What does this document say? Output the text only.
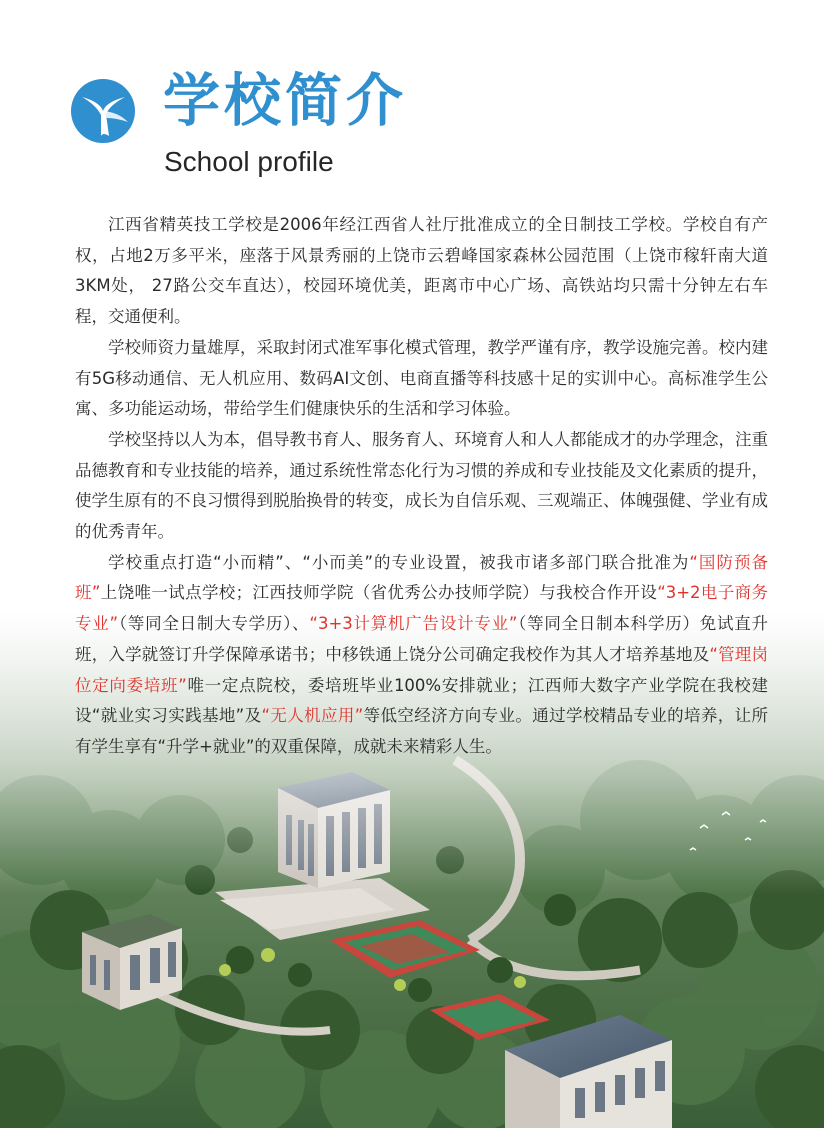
学校简介
School profile

江西省精英技工学校是2006年经江西省人社厅批准成立的全日制技工学校。学校自有产权，占地2万多平米，座落于风景秀丽的上饶市云碧峰国家森林公园范围（上饶市稼轩南大道3KM处， 27路公交车直达），校园环境优美，距离市中心广场、高铁站均只需十分钟左右车程，交通便利。

学校师资力量雄厚，采取封闭式准军事化模式管理，教学严谨有序，教学设施完善。校内建有5G移动通信、无人机应用、数码AI文创、电商直播等科技感十足的实训中心。高标准学生公寓、多功能运动场，带给学生们健康快乐的生活和学习体验。

学校坚持以人为本，倡导教书育人、服务育人、环境育人和人人都能成才的办学理念，注重品德教育和专业技能的培养，通过系统性常态化行为习惯的养成和专业技能及文化素质的提升，使学生原有的不良习惯得到脱胎换骨的转变，成长为自信乐观、三观端正、体魄强健、学业有成的优秀青年。

学校重点打造“小而精”、“小而美”的专业设置，被我市诸多部门联合批准为“国防预备班”上饶唯一试点学校；江西技师学院（省优秀公办技师学院）与我校合作开设“3+2电子商务专业”（等同全日制大专学历）、“3+3计算机广告设计专业”（等同全日制本科学历）免试直升班，入学就签订升学保障承诺书；中移铁通上饶分公司确定我校作为其人才培养基地及“管理岗位定向委培班”唯一定点院校，委培班毕业100%安排就业；江西师大数字产业学院在我校建设“就业实习实践基地”及“无人机应用”等低空经济方向专业。通过学校精品专业的培养，让所有学生享有“升学+就业”的双重保障，成就未来精彩人生。
